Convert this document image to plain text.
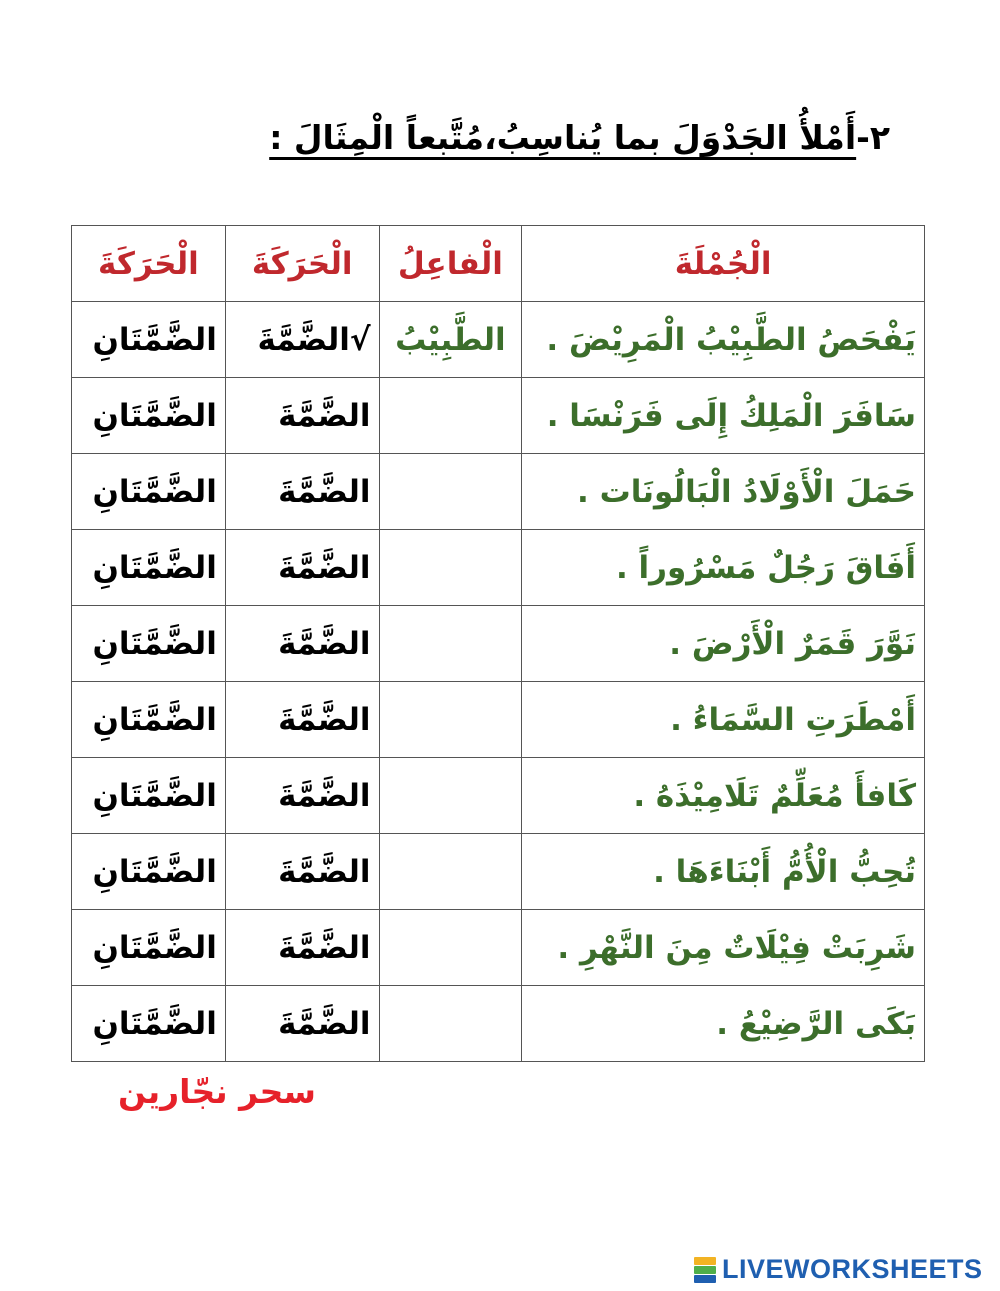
٢-أَمْلأُ الجَدْوَلَ بما يُناسِبُ،مُتَّبعاً الْمِثَالَ :
الْجُمْلَةَ	الْفاعِلُ	الْحَرَكَةَ	الْحَرَكَةَ
يَفْحَصُ الطَّبِيْبُ الْمَرِيْضَ .	الطَّبِيْبُ	√الضَّمَّةَ	الضَّمَّتَانِ
سَافَرَ الْمَلِكُ إِلَى فَرَنْسَا .		الضَّمَّةَ	الضَّمَّتَانِ
حَمَلَ الْأَوْلَادُ الْبَالُونَات .		الضَّمَّةَ	الضَّمَّتَانِ
أَفَاقَ رَجُلٌ مَسْرُوراً .		الضَّمَّةَ	الضَّمَّتَانِ
نَوَّرَ قَمَرٌ الْأَرْضَ .		الضَّمَّةَ	الضَّمَّتَانِ
أَمْطَرَتِ السَّمَاءُ .		الضَّمَّةَ	الضَّمَّتَانِ
كَافأَ مُعَلِّمٌ تَلَامِيْذَهُ .		الضَّمَّةَ	الضَّمَّتَانِ
تُحِبُّ الْأُمُّ أَبْنَاءَهَا .		الضَّمَّةَ	الضَّمَّتَانِ
شَرِبَتْ فِيْلَاتٌ مِنَ النَّهْرِ .		الضَّمَّةَ	الضَّمَّتَانِ
بَكَى الرَّضِيْعُ .		الضَّمَّةَ	الضَّمَّتَانِ
سحر نجّارين
LIVEWORKSHEETS
